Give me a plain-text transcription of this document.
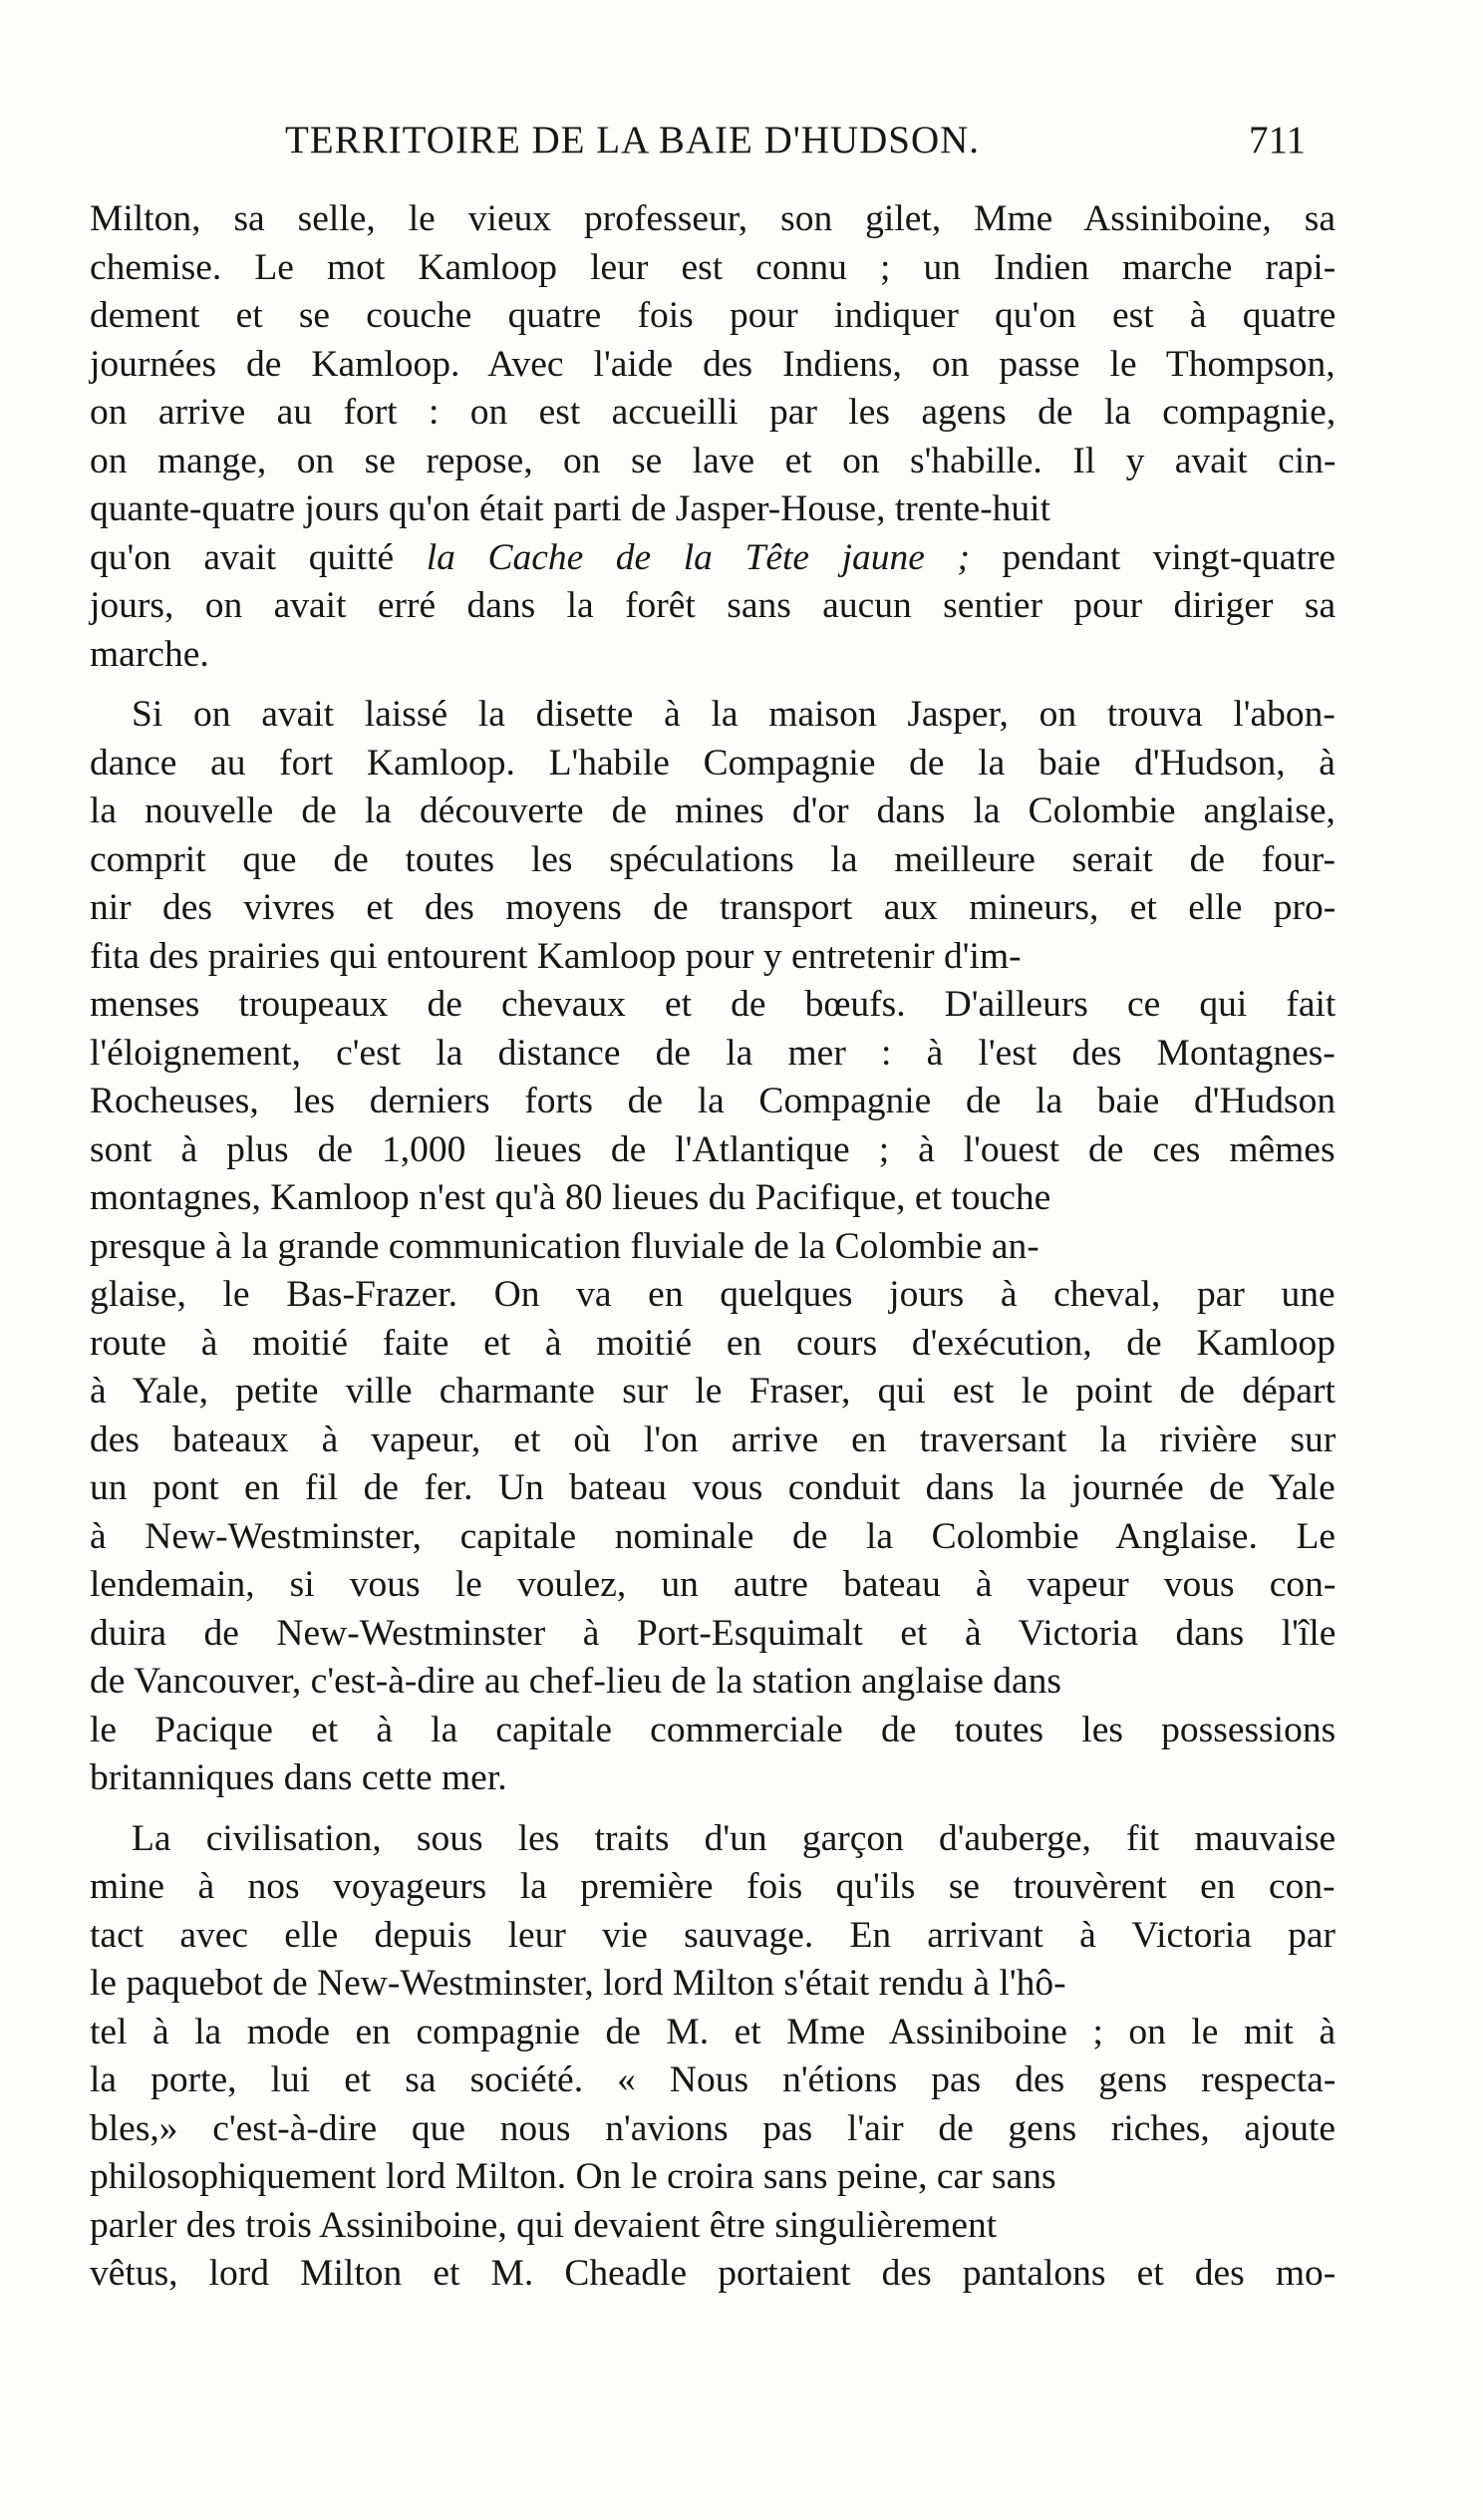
TERRITOIRE DE LA BAIE D'HUDSON.	711
Milton, sa selle, le vieux professeur, son gilet, Mme Assiniboine, sa
chemise. Le mot Kamloop leur est connu ; un Indien marche rapi-
dement et se couche quatre fois pour indiquer qu'on est à quatre
journées de Kamloop. Avec l'aide des Indiens, on passe le Thompson,
on arrive au fort : on est accueilli par les agens de la compagnie,
on mange, on se repose, on se lave et on s'habille. Il y avait cin-
quante-quatre jours qu'on était parti de Jasper-House, trente-huit
qu'on avait quitté la Cache de la Tête jaune ; pendant vingt-quatre
jours, on avait erré dans la forêt sans aucun sentier pour diriger sa
marche.
Si on avait laissé la disette à la maison Jasper, on trouva l'abon-
dance au fort Kamloop. L'habile Compagnie de la baie d'Hudson, à
la nouvelle de la découverte de mines d'or dans la Colombie anglaise,
comprit que de toutes les spéculations la meilleure serait de four-
nir des vivres et des moyens de transport aux mineurs, et elle pro-
fita des prairies qui entourent Kamloop pour y entretenir d'im-
menses troupeaux de chevaux et de bœufs. D'ailleurs ce qui fait
l'éloignement, c'est la distance de la mer : à l'est des Montagnes-
Rocheuses, les derniers forts de la Compagnie de la baie d'Hudson
sont à plus de 1,000 lieues de l'Atlantique ; à l'ouest de ces mêmes
montagnes, Kamloop n'est qu'à 80 lieues du Pacifique, et touche
presque à la grande communication fluviale de la Colombie an-
glaise, le Bas-Frazer. On va en quelques jours à cheval, par une
route à moitié faite et à moitié en cours d'exécution, de Kamloop
à Yale, petite ville charmante sur le Fraser, qui est le point de départ
des bateaux à vapeur, et où l'on arrive en traversant la rivière sur
un pont en fil de fer. Un bateau vous conduit dans la journée de Yale
à New-Westminster, capitale nominale de la Colombie Anglaise. Le
lendemain, si vous le voulez, un autre bateau à vapeur vous con-
duira de New-Westminster à Port-Esquimalt et à Victoria dans l'île
de Vancouver, c'est-à-dire au chef-lieu de la station anglaise dans
le Pacique et à la capitale commerciale de toutes les possessions
britanniques dans cette mer.
La civilisation, sous les traits d'un garçon d'auberge, fit mauvaise
mine à nos voyageurs la première fois qu'ils se trouvèrent en con-
tact avec elle depuis leur vie sauvage. En arrivant à Victoria par
le paquebot de New-Westminster, lord Milton s'était rendu à l'hô-
tel à la mode en compagnie de M. et Mme Assiniboine ; on le mit à
la porte, lui et sa société. « Nous n'étions pas des gens respecta-
bles,» c'est-à-dire que nous n'avions pas l'air de gens riches, ajoute
philosophiquement lord Milton. On le croira sans peine, car sans
parler des trois Assiniboine, qui devaient être singulièrement
vêtus, lord Milton et M. Cheadle portaient des pantalons et des mo-
